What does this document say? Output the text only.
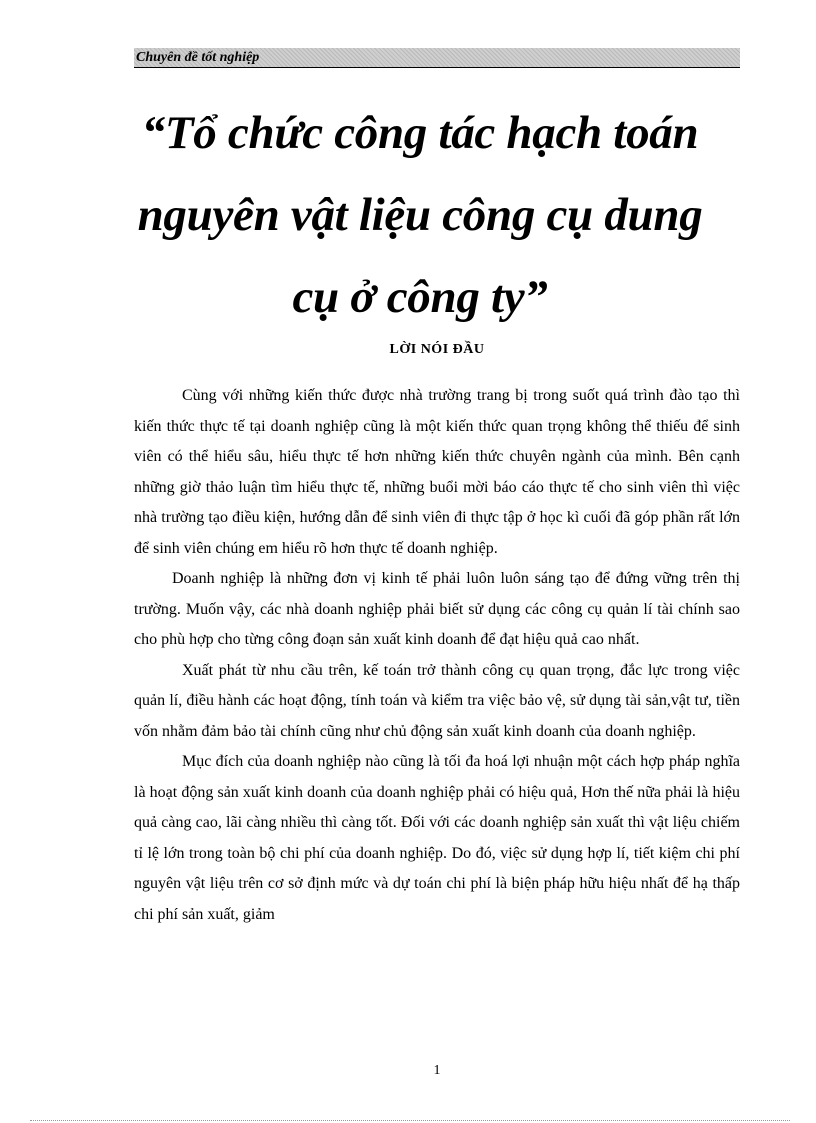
Chuyên đề tốt nghiệp
“Tổ chức công tác hạch toán
nguyên vật liệu công cụ dung
cụ ở công ty”
LỜI NÓI ĐẦU

Cùng với những kiến thức được nhà trường trang bị trong suốt quá trình đào tạo thì kiến thức thực tế tại doanh nghiệp cũng là một kiến thức quan trọng không thể thiếu để sinh viên có thể hiểu sâu, hiểu thực tế hơn những kiến thức chuyên ngành của mình. Bên cạnh những giờ thảo luận tìm hiểu thực tế, những buổi mời báo cáo thực tế cho sinh viên thì việc nhà trường tạo điều kiện, hướng dẫn để sinh viên đi thực tập ở học kì cuối đã góp phần rất lớn để sinh viên chúng em hiểu rõ hơn thực tế doanh nghiệp.

Doanh nghiệp là những đơn vị kinh tế phải luôn luôn sáng tạo để đứng vững trên thị trường. Muốn vậy, các nhà doanh nghiệp phải biết sử dụng các công cụ quản lí tài chính sao cho phù hợp cho từng công đoạn sản xuất kinh doanh để đạt hiệu quả cao nhất.

Xuất phát từ nhu cầu trên, kế toán trở thành công cụ quan trọng, đắc lực trong việc quản lí, điều hành các hoạt động, tính toán và kiểm tra việc bảo vệ, sử dụng tài sản,vật tư, tiền vốn nhằm đảm bảo tài chính cũng như chủ động sản xuất kinh doanh của doanh nghiệp.

Mục đích của doanh nghiệp nào cũng là tối đa hoá lợi nhuận một cách hợp pháp nghĩa là hoạt động sản xuất kinh doanh của doanh nghiệp phải có hiệu quả, Hơn thế nữa phải là hiệu quả càng cao, lãi càng nhiều thì càng tốt. Đối với các doanh nghiệp sản xuất thì vật liệu chiếm tỉ lệ lớn trong toàn bộ chi phí của doanh nghiệp. Do đó, việc sử dụng hợp lí, tiết kiệm chi phí nguyên vật liệu trên cơ sở định mức và dự toán chi phí là biện pháp hữu hiệu nhất để hạ thấp chi phí sản xuất, giảm

1
